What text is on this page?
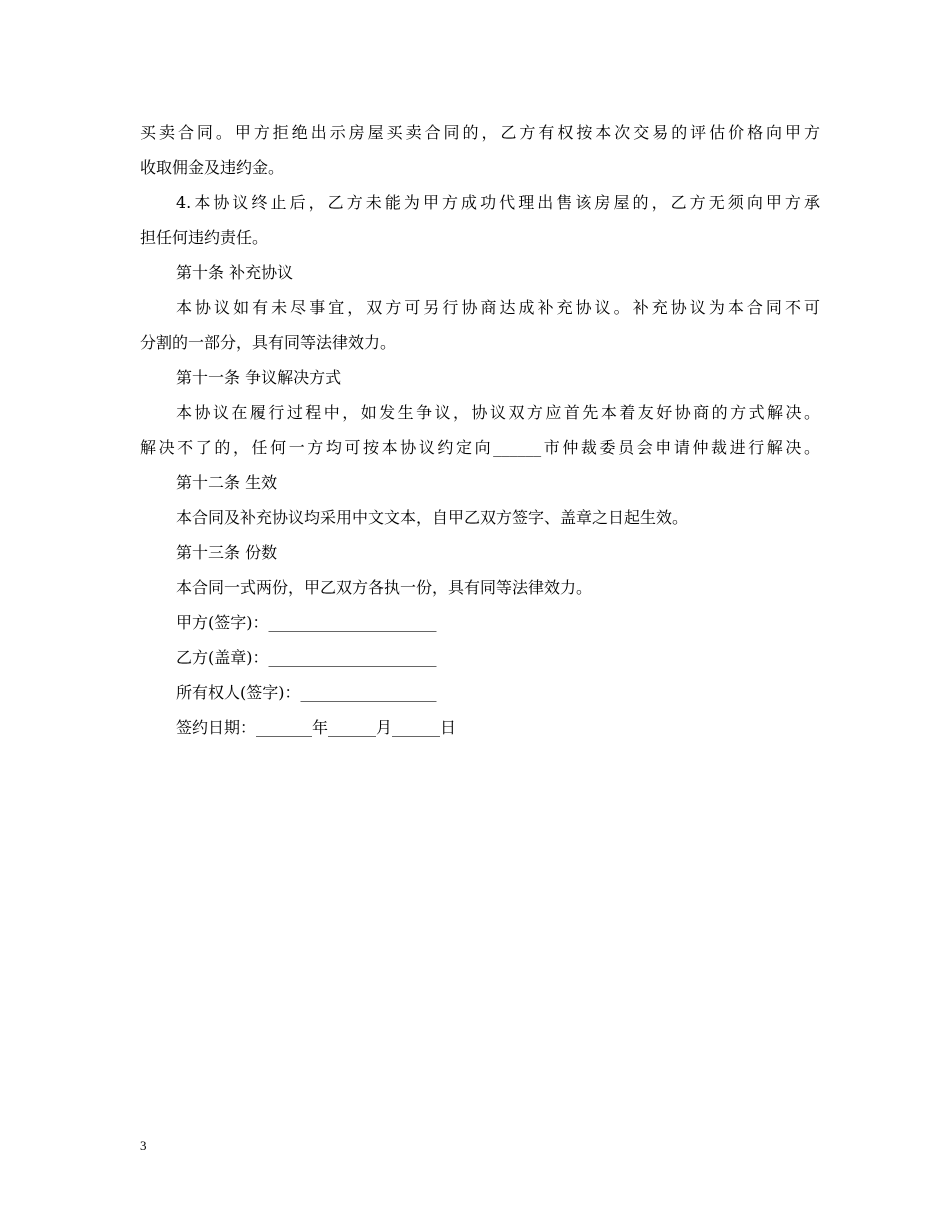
买卖合同。甲方拒绝出示房屋买卖合同的，乙方有权按本次交易的评估价格向甲方
收取佣金及违约金。
4.本协议终止后，乙方未能为甲方成功代理出售该房屋的，乙方无须向甲方承
担任何违约责任。
第十条 补充协议
本协议如有未尽事宜，双方可另行协商达成补充协议。补充协议为本合同不可
分割的一部分，具有同等法律效力。
第十一条 争议解决方式
本协议在履行过程中，如发生争议，协议双方应首先本着友好协商的方式解决。
解决不了的，任何一方均可按本协议约定向______市仲裁委员会申请仲裁进行解决。
第十二条 生效
本合同及补充协议均采用中文文本，自甲乙双方签字、盖章之日起生效。
第十三条 份数
本合同一式两份，甲乙双方各执一份，具有同等法律效力。
甲方(签字)：_____________________
乙方(盖章)：_____________________
所有权人(签字)：_________________
签约日期：_______年______月______日
3
